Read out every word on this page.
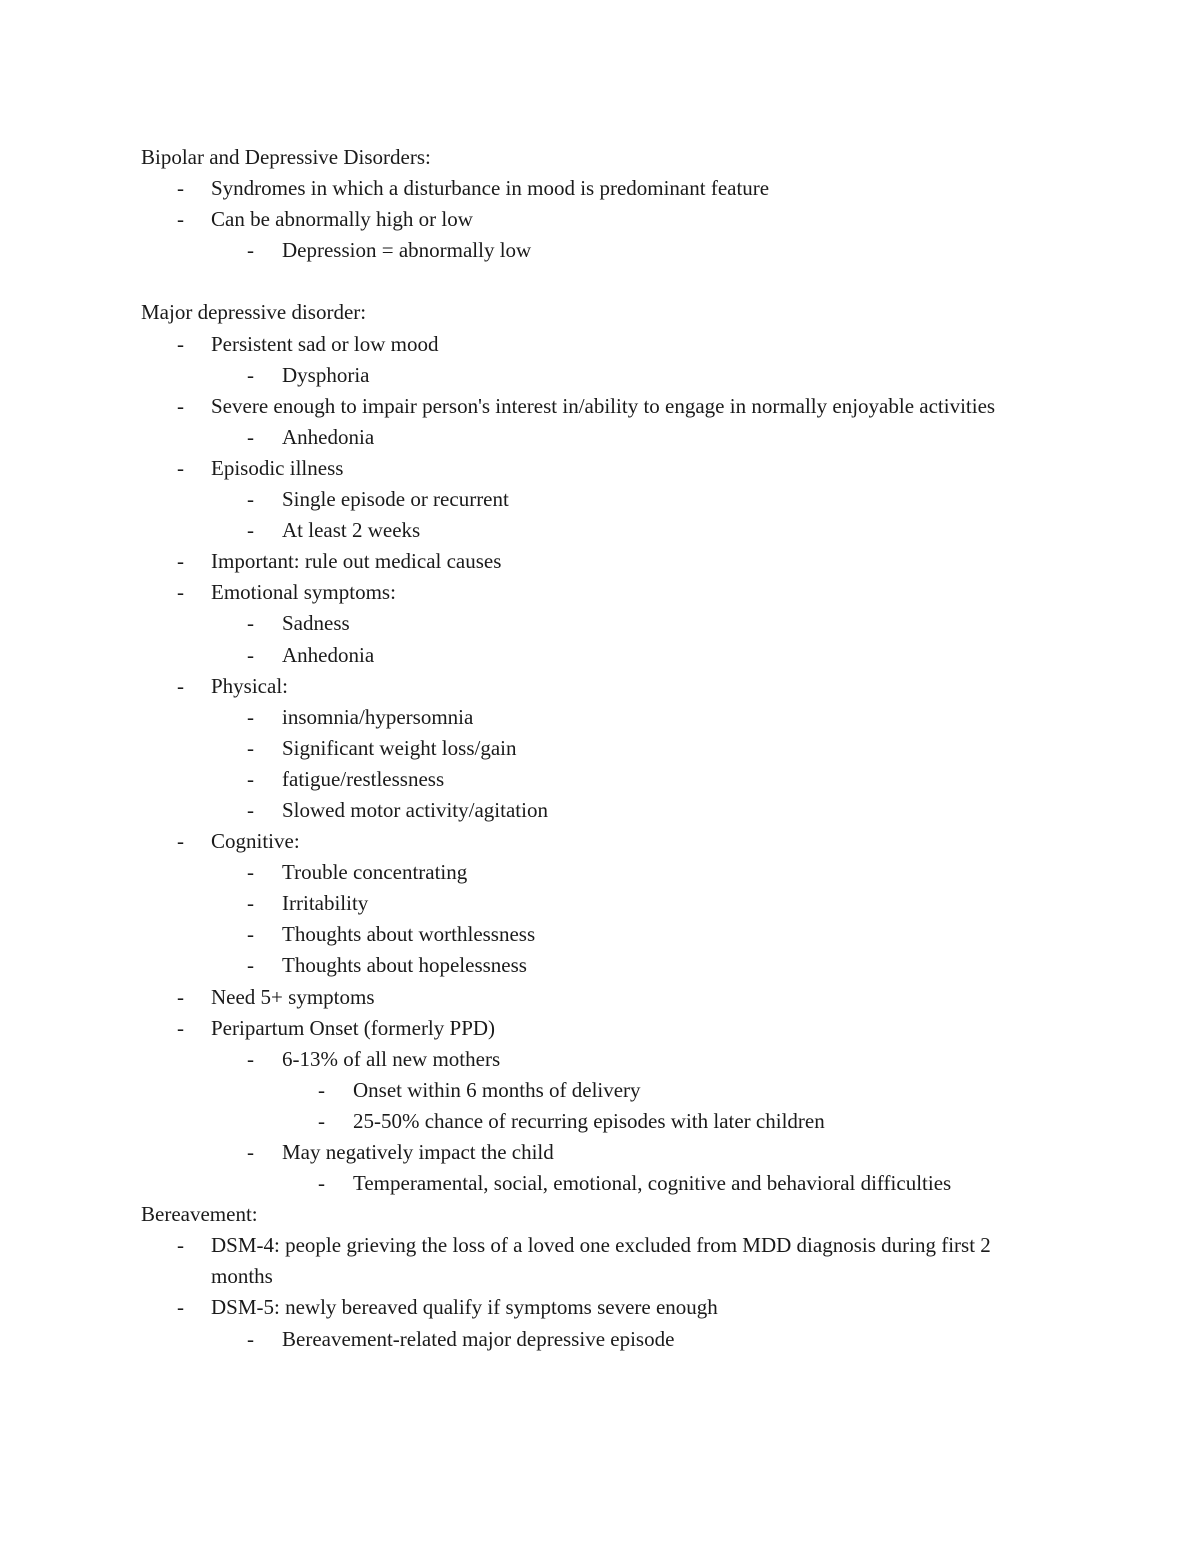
Bipolar and Depressive Disorders:
- Syndromes in which a disturbance in mood is predominant feature
- Can be abnormally high or low
- Depression = abnormally low
Major depressive disorder:
- Persistent sad or low mood
- Dysphoria
- Severe enough to impair person's interest in/ability to engage in normally enjoyable activities
- Anhedonia
- Episodic illness
- Single episode or recurrent
- At least 2 weeks
- Important: rule out medical causes
- Emotional symptoms:
- Sadness
- Anhedonia
- Physical:
- insomnia/hypersomnia
- Significant weight loss/gain
- fatigue/restlessness
- Slowed motor activity/agitation
- Cognitive:
- Trouble concentrating
- Irritability
- Thoughts about worthlessness
- Thoughts about hopelessness
- Need 5+ symptoms
- Peripartum Onset (formerly PPD)
- 6-13% of all new mothers
- Onset within 6 months of delivery
- 25-50% chance of recurring episodes with later children
- May negatively impact the child
- Temperamental, social, emotional, cognitive and behavioral difficulties
Bereavement:
- DSM-4: people grieving the loss of a loved one excluded from MDD diagnosis during first 2 months
- DSM-5: newly bereaved qualify if symptoms severe enough
- Bereavement-related major depressive episode
